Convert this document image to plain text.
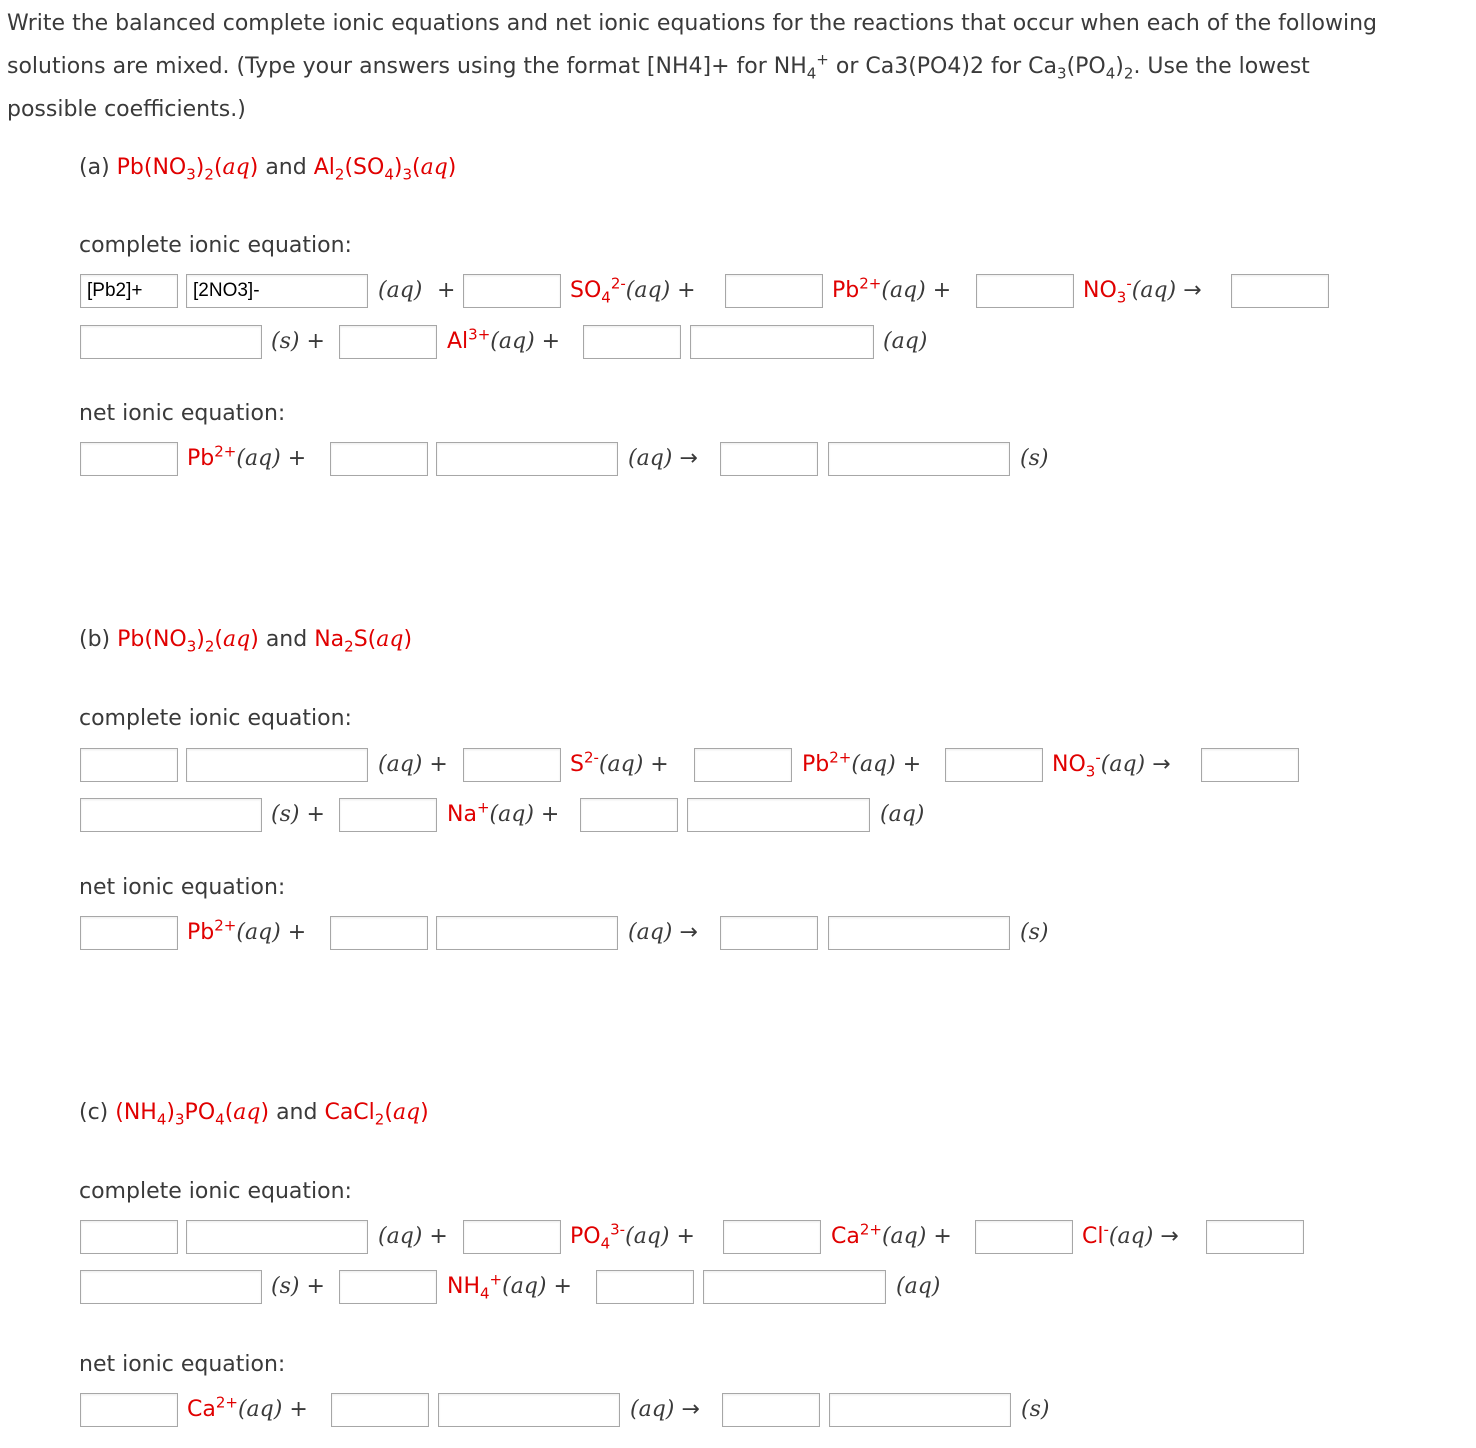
Write the balanced complete ionic equations and net ionic equations for the reactions that occur when each of the following
solutions are mixed. (Type your answers using the format [NH4]+ for $NH_4^+$ or Ca3(PO4)2 for $Ca_3(PO_4)_2$. Use the lowest
possible coefficients.)
(a) $Pb(NO_3)_2(aq)$ and $Al_2(SO_4)_3(aq)$
complete ionic equation:
[Pb2]+
[2NO3]-
(aq) +	$SO_4^{2-}(aq)$ +	$Pb^{2+}(aq)$ +	$NO_3^-(aq)$ →
(s) +	$Al^{3+}(aq)$ +	(aq)
net ionic equation:
$Pb^{2+}(aq)$ +	(aq) →	(s)
(b) $Pb(NO_3)_2(aq)$ and $Na_2S(aq)$
complete ionic equation:
(aq) +	$S^{2-}(aq)$ +	$Pb^{2+}(aq)$ +	$NO_3^-(aq)$ →
(s) +	Na+(aq) +	(aq)
net ionic equation:
$Pb^{2+}(aq)$ +	(aq) →	(s)
(c) $(NH_4)_3PO_4(aq)$ and CaCl$_2$(aq)
complete ionic equation:
(aq) +	$PO_4^{3-}(aq)$ +	$Ca^{2+}(aq)$ +	Cl-(aq) →
(s) +	$NH_4^+(aq)$ +	(aq)
net ionic equation:
$Ca^{2+}(aq)$ +	(aq) →	(s)
